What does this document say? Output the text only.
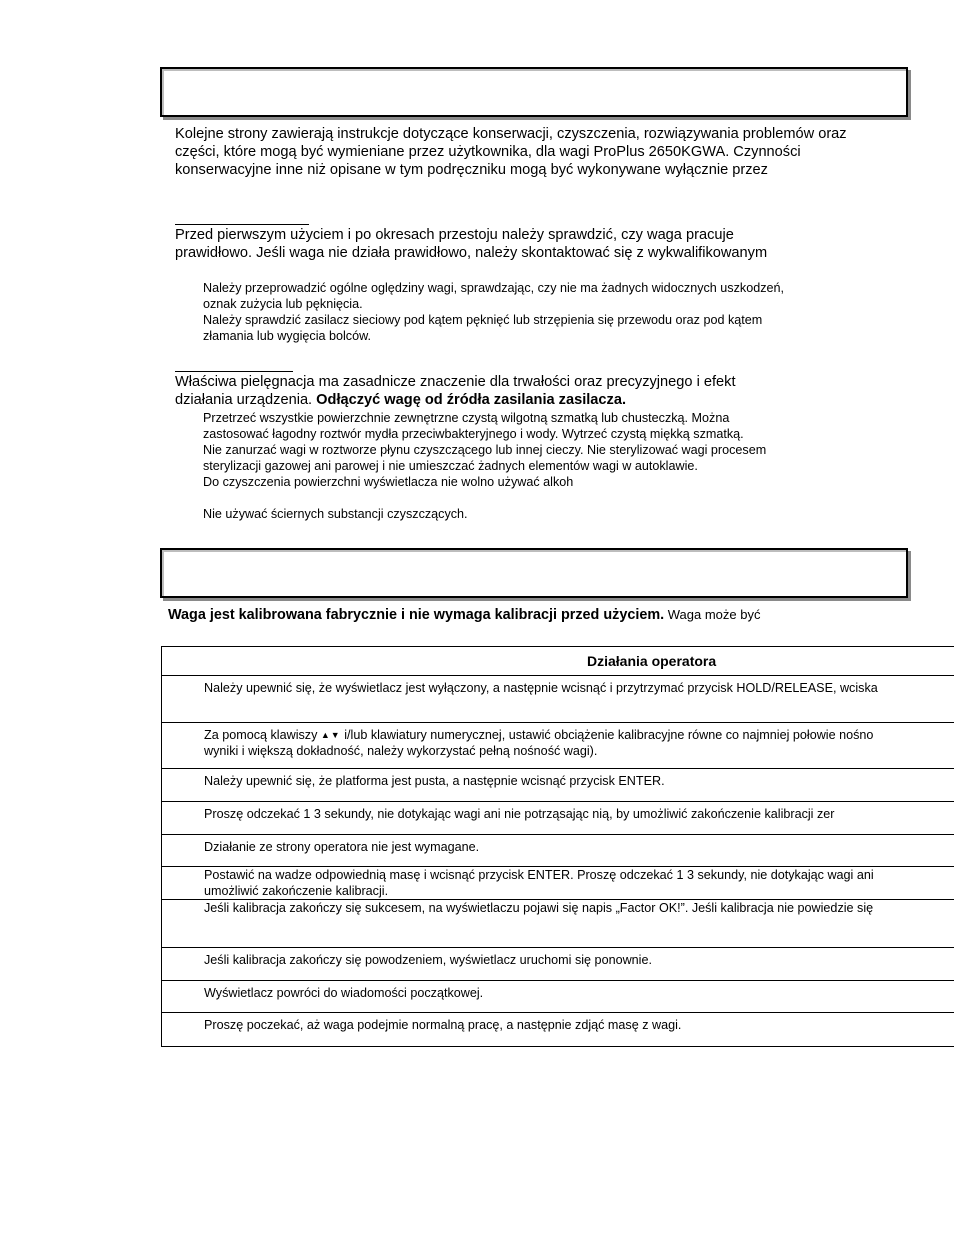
Kolejne strony zawierają instrukcje dotyczące konserwacji, czyszczenia, rozwiązywania problemów oraz
części, które mogą być wymieniane przez użytkownika, dla wagi ProPlus 2650KGWA. Czynności
konserwacyjne inne niż opisane w tym podręczniku mogą być wykonywane wyłącznie przez
Przed pierwszym użyciem i po okresach przestoju należy sprawdzić, czy waga pracuje
prawidłowo. Jeśli waga nie działa prawidłowo, należy skontaktować się z wykwalifikowanym
Należy przeprowadzić ogólne oględziny wagi, sprawdzając, czy nie ma żadnych widocznych uszkodzeń,
oznak zużycia lub pęknięcia.
Należy sprawdzić zasilacz sieciowy pod kątem pęknięć lub strzępienia się przewodu oraz pod kątem
złamania lub wygięcia bolców.
Właściwa pielęgnacja ma zasadnicze znaczenie dla trwałości oraz precyzyjnego i efekt
działania urządzenia. Odłączyć wagę od źródła zasilania zasilacza.
Przetrzeć wszystkie powierzchnie zewnętrzne czystą wilgotną szmatką lub chusteczką. Można
zastosować łagodny roztwór mydła przeciwbakteryjnego i wody. Wytrzeć czystą miękką szmatką.
Nie zanurzać wagi w roztworze płynu czyszczącego lub innej cieczy. Nie sterylizować wagi procesem
sterylizacji gazowej ani parowej i nie umieszczać żadnych elementów wagi w autoklawie.
Do czyszczenia powierzchni wyświetlacza nie wolno używać alkoh
Nie używać ściernych substancji czyszczących.
Waga jest kalibrowana fabrycznie i nie wymaga kalibracji przed użyciem. Waga może być
Działania operatora
Należy upewnić się, że wyświetlacz jest wyłączony, a następnie wcisnąć i przytrzymać przycisk HOLD/RELEASE, wciska
Za pomocą klawiszy ▲▼ i/lub klawiatury numerycznej, ustawić obciążenie kalibracyjne równe co najmniej połowie nośno
wyniki i większą dokładność, należy wykorzystać pełną nośność wagi).
Należy upewnić się, że platforma jest pusta, a następnie wcisnąć przycisk ENTER.
Proszę odczekać 1 3 sekundy, nie dotykając wagi ani nie potrząsając nią, by umożliwić zakończenie kalibracji zer
Działanie ze strony operatora nie jest wymagane.
Postawić na wadze odpowiednią masę i wcisnąć przycisk ENTER. Proszę odczekać 1 3 sekundy, nie dotykając wagi ani
umożliwić zakończenie kalibracji.
Jeśli kalibracja zakończy się sukcesem, na wyświetlaczu pojawi się napis „Factor OK!”. Jeśli kalibracja nie powiedzie się
Jeśli kalibracja zakończy się powodzeniem, wyświetlacz uruchomi się ponownie.
Wyświetlacz powróci do wiadomości początkowej.
Proszę poczekać, aż waga podejmie normalną pracę, a następnie zdjąć masę z wagi.
